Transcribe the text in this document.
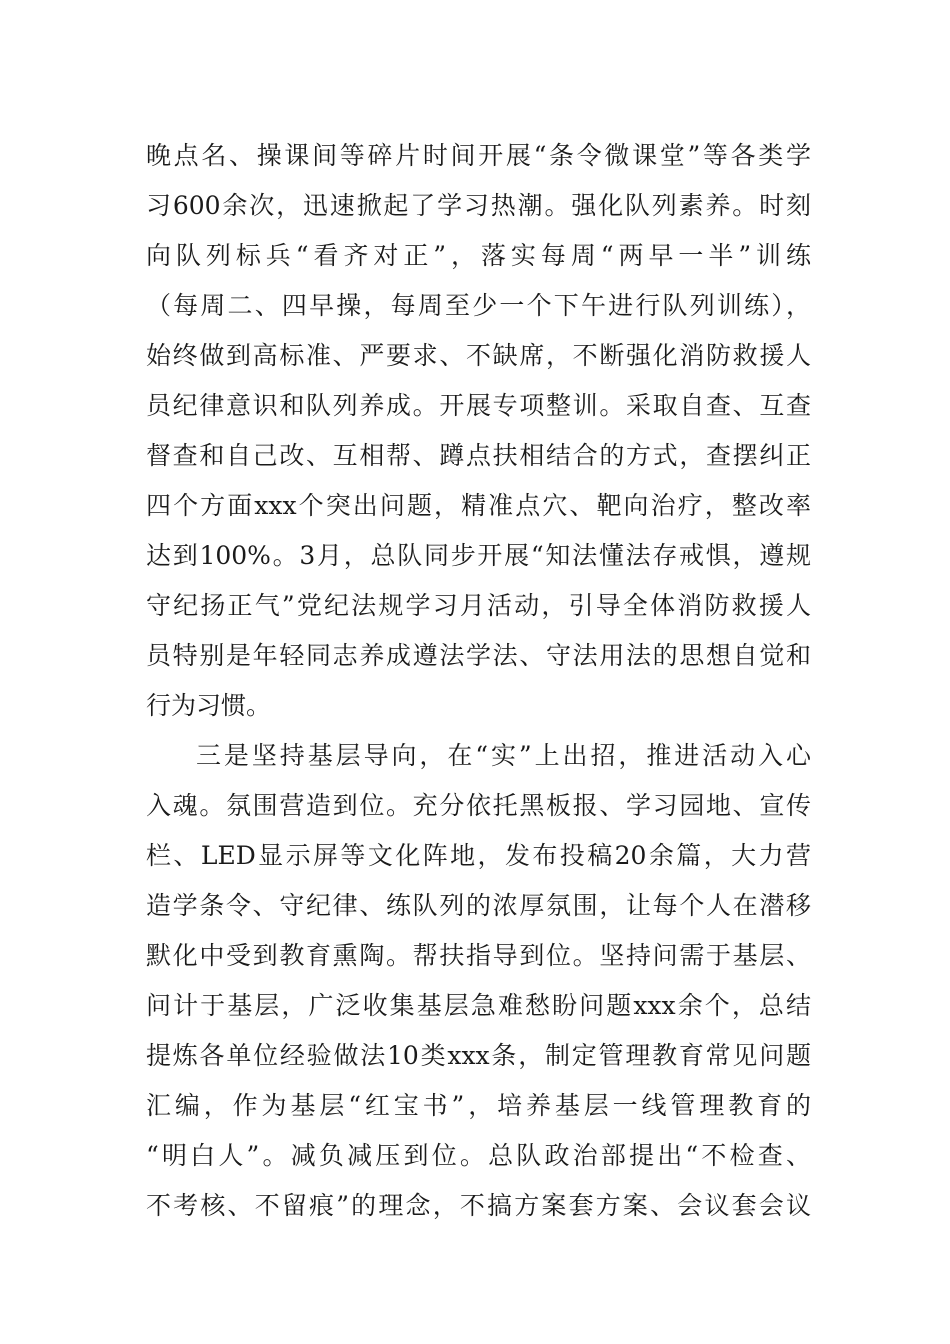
晚点名、操课间等碎片时间开展“条令微课堂”等各类学
习600余次，迅速掀起了学习热潮。强化队列素养。时刻
向队列标兵“看齐对正”，落实每周“两早一半”训练
（每周二、四早操，每周至少一个下午进行队列训练），
始终做到高标准、严要求、不缺席，不断强化消防救援人
员纪律意识和队列养成。开展专项整训。采取自查、互查
督查和自己改、互相帮、蹲点扶相结合的方式，查摆纠正
四个方面xxx个突出问题，精准点穴、靶向治疗，整改率
达到100%。3月，总队同步开展“知法懂法存戒惧，遵规
守纪扬正气”党纪法规学习月活动，引导全体消防救援人
员特别是年轻同志养成遵法学法、守法用法的思想自觉和
行为习惯。
三是坚持基层导向，在“实”上出招，推进活动入心
入魂。氛围营造到位。充分依托黑板报、学习园地、宣传
栏、LED显示屏等文化阵地，发布投稿20余篇，大力营
造学条令、守纪律、练队列的浓厚氛围，让每个人在潜移
默化中受到教育熏陶。帮扶指导到位。坚持问需于基层、
问计于基层，广泛收集基层急难愁盼问题xxx余个，总结
提炼各单位经验做法10类xxx条，制定管理教育常见问题
汇编，作为基层“红宝书”，培养基层一线管理教育的
“明白人”。减负减压到位。总队政治部提出“不检查、
不考核、不留痕”的理念，不搞方案套方案、会议套会议
